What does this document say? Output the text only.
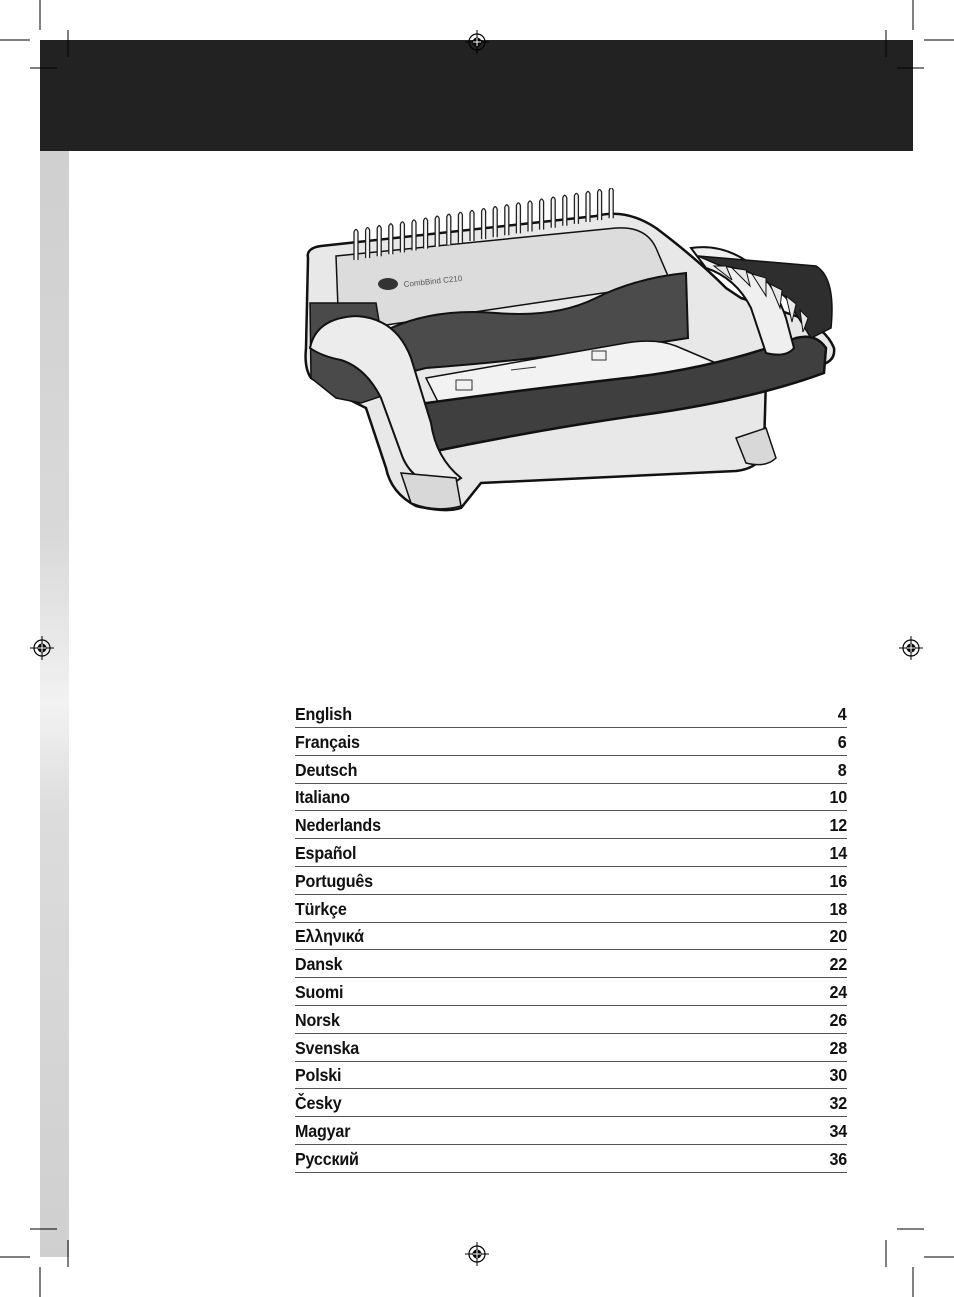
CombBind C210
English	4
Français	6
Deutsch	8
Italiano	10
Nederlands	12
Español	14
Português	16
Türkçe	18
Ελληνικά	20
Dansk	22
Suomi	24
Norsk	26
Svenska	28
Polski	30
Česky	32
Magyar	34
Русский	36
